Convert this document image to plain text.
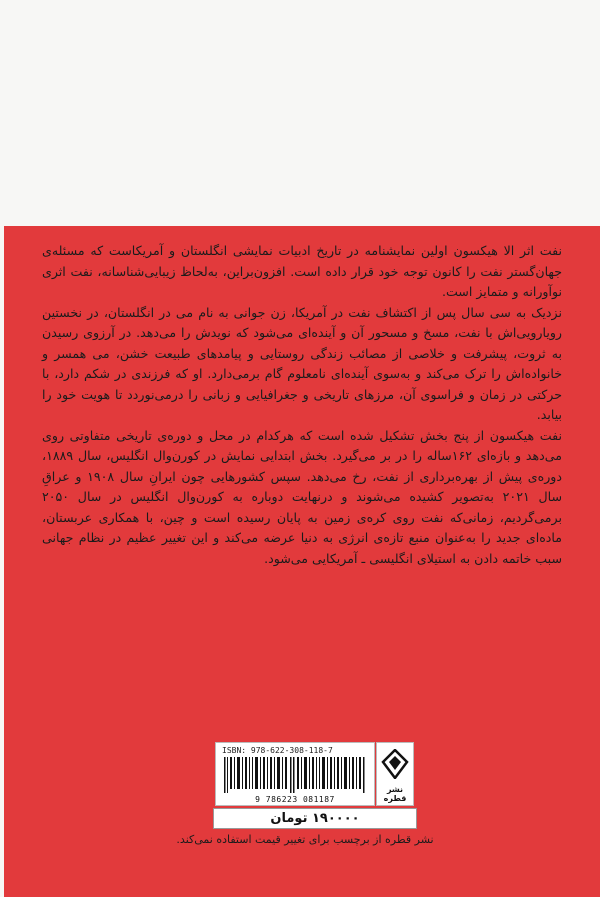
نفت اثر الا هیکسون اولین نمایشنامه در تاریخ ادبیات نمایشی انگلستان و آمریکاست که مسئله‌ی جهان‌گستر نفت را کانون توجه خود قرار داده است. افزون‌براین، به‌لحاظ زیبایی‌شناسانه، نفت اثری نوآورانه و متمایز است.

نزدیک به سی سال پس از اکتشاف نفت در آمریکا، زن جوانی به نام می در انگلستان، در نخستین رویارویی‌اش با نفت، مسخ و مسحور آن و آینده‌ای می‌شود که نویدش را می‌دهد. در آرزوی رسیدن به ثروت، پیشرفت و خلاصی از مصائب زندگی روستایی و پیامدهای طبیعت خشن، می همسر و خانواده‌اش را ترک می‌کند و به‌سوی آینده‌ای نامعلوم گام برمی‌دارد. او که فرزندی در شکم دارد، با حرکتی در زمان و فراسوی آن، مرزهای تاریخی و جغرافیایی و زبانی را درمی‌نوردد تا هویت خود را بیابد.

نفت هیکسون از پنج بخش تشکیل شده است که هرکدام در محل و دوره‌ی تاریخی متفاوتی روی می‌دهد و بازه‌ای ۱۶۲ساله را در بر می‌گیرد. بخش ابتدایی نمایش در کورن‌وال انگلیس، سال ۱۸۸۹، دوره‌ی پیش از بهره‌برداری از نفت، رخ می‌دهد. سپس کشورهایی چون ایرانِ سال ۱۹۰۸ و عراقِ سال ۲۰۲۱ به‌تصویر کشیده می‌شوند و درنهایت دوباره به کورن‌وال انگلیس در سال ۲۰۵۰ برمی‌گردیم، زمانی‌که نفت روی کره‌ی زمین به پایان رسیده است و چین، با همکاری عربستان، ماده‌ای جدید را به‌عنوان منبع تازه‌ی انرژی به دنیا عرضه می‌کند و این تغییر عظیم در نظام جهانی سبب خاتمه دادن به استیلای انگلیسی ـ آمریکایی می‌شود.

ISBN: 978-622-308-118-7
9 786223 081187
نشر قطره
۱۹۰۰۰۰ تومان
نشر قطره از برچسب برای تغییر قیمت استفاده نمی‌کند.
